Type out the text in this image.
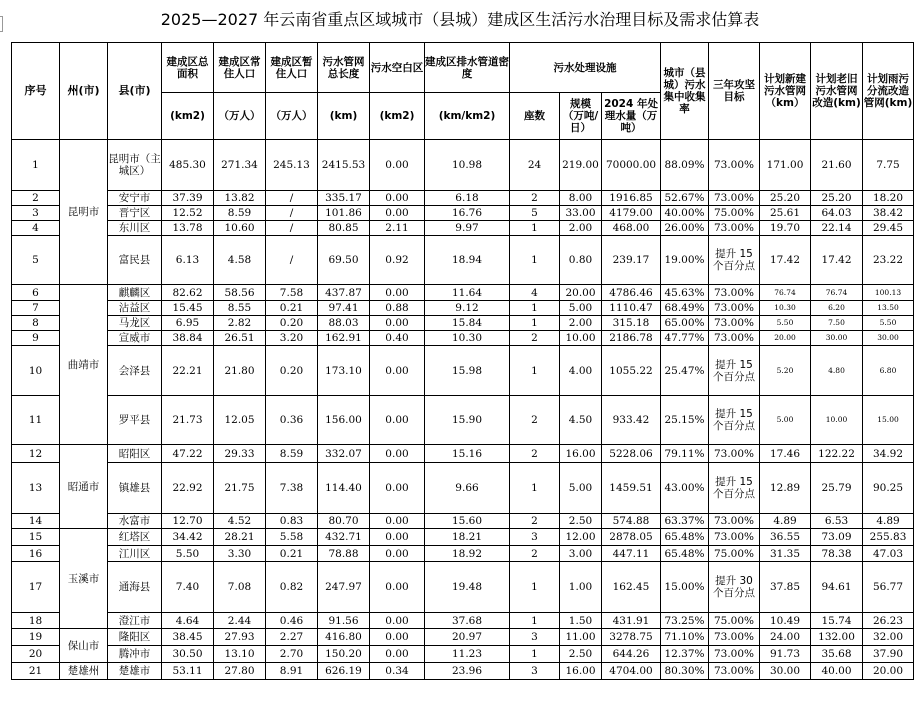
2025—2027 年云南省重点区域城市（县城）建成区生活污水治理目标及需求估算表
序号	州(市)	县(市)	建成区总面积	建成区常住人口	建成区暂住人口	污水管网总长度	污水空白区	建成区排水管道密度	污水处理设施			城市（县城）污水集中收集率	三年攻坚目标	计划新建污水管网（km）	计划老旧污水管网改造(km)	计划雨污分流改造管网(km)
			(km2)	（万人）	（万人）	(km)	(km2)	(km/km2)	座数	规模（万吨/日）	2024 年处理水量（万吨）					
1	昆明市	昆明市（主城区）	485.30	271.34	245.13	2415.53	0.00	10.98	24	219.00	70000.00	88.09%	73.00%	171.00	21.60	7.75
2		安宁市	37.39	13.82	/	335.17	0.00	6.18	2	8.00	1916.85	52.67%	73.00%	25.20	25.20	18.20
3		晋宁区	12.52	8.59	/	101.86	0.00	16.76	5	33.00	4179.00	40.00%	75.00%	25.61	64.03	38.42
4		东川区	13.78	10.60	/	80.85	2.11	9.97	1	2.00	468.00	26.00%	73.00%	19.70	22.14	29.45
5		富民县	6.13	4.58	/	69.50	0.92	18.94	1	0.80	239.17	19.00%	提升 15 个百分点	17.42	17.42	23.22
6	曲靖市	麒麟区	82.62	58.56	7.58	437.87	0.00	11.64	4	20.00	4786.46	45.63%	73.00%	76.74	76.74	100.13
7		沾益区	15.45	8.55	0.21	97.41	0.88	9.12	1	5.00	1110.47	68.49%	73.00%	10.30	6.20	13.50
8		马龙区	6.95	2.82	0.20	88.03	0.00	15.84	1	2.00	315.18	65.00%	73.00%	5.50	7.50	5.50
9		宣威市	38.84	26.51	3.20	162.91	0.40	10.30	2	10.00	2186.78	47.77%	73.00%	20.00	30.00	30.00
10		会泽县	22.21	21.80	0.20	173.10	0.00	15.98	1	4.00	1055.22	25.47%	提升 15 个百分点	5.20	4.80	6.80
11		罗平县	21.73	12.05	0.36	156.00	0.00	15.90	2	4.50	933.42	25.15%	提升 15 个百分点	5.00	10.00	15.00
12	昭通市	昭阳区	47.22	29.33	8.59	332.07	0.00	15.16	2	16.00	5228.06	79.11%	73.00%	17.46	122.22	34.92
13		镇雄县	22.92	21.75	7.38	114.40	0.00	9.66	1	5.00	1459.51	43.00%	提升 15 个百分点	12.89	25.79	90.25
14		水富市	12.70	4.52	0.83	80.70	0.00	15.60	2	2.50	574.88	63.37%	73.00%	4.89	6.53	4.89
15	玉溪市	红塔区	34.42	28.21	5.58	432.71	0.00	18.21	3	12.00	2878.05	65.48%	73.00%	36.55	73.09	255.83
16		江川区	5.50	3.30	0.21	78.88	0.00	18.92	2	3.00	447.11	65.48%	75.00%	31.35	78.38	47.03
17		通海县	7.40	7.08	0.82	247.97	0.00	19.48	1	1.00	162.45	15.00%	提升 30 个百分点	37.85	94.61	56.77
18		澄江市	4.64	2.44	0.46	91.56	0.00	37.68	1	1.50	431.91	73.25%	75.00%	10.49	15.74	26.23
19	保山市	隆阳区	38.45	27.93	2.27	416.80	0.00	20.97	3	11.00	3278.75	71.10%	73.00%	24.00	132.00	32.00
20		腾冲市	30.50	13.10	2.70	150.20	0.00	11.23	1	2.50	644.26	12.37%	73.00%	91.73	35.68	37.90
21	楚雄州	楚雄市	53.11	27.80	8.91	626.19	0.34	23.96	3	16.00	4704.00	80.30%	73.00%	30.00	40.00	20.00
